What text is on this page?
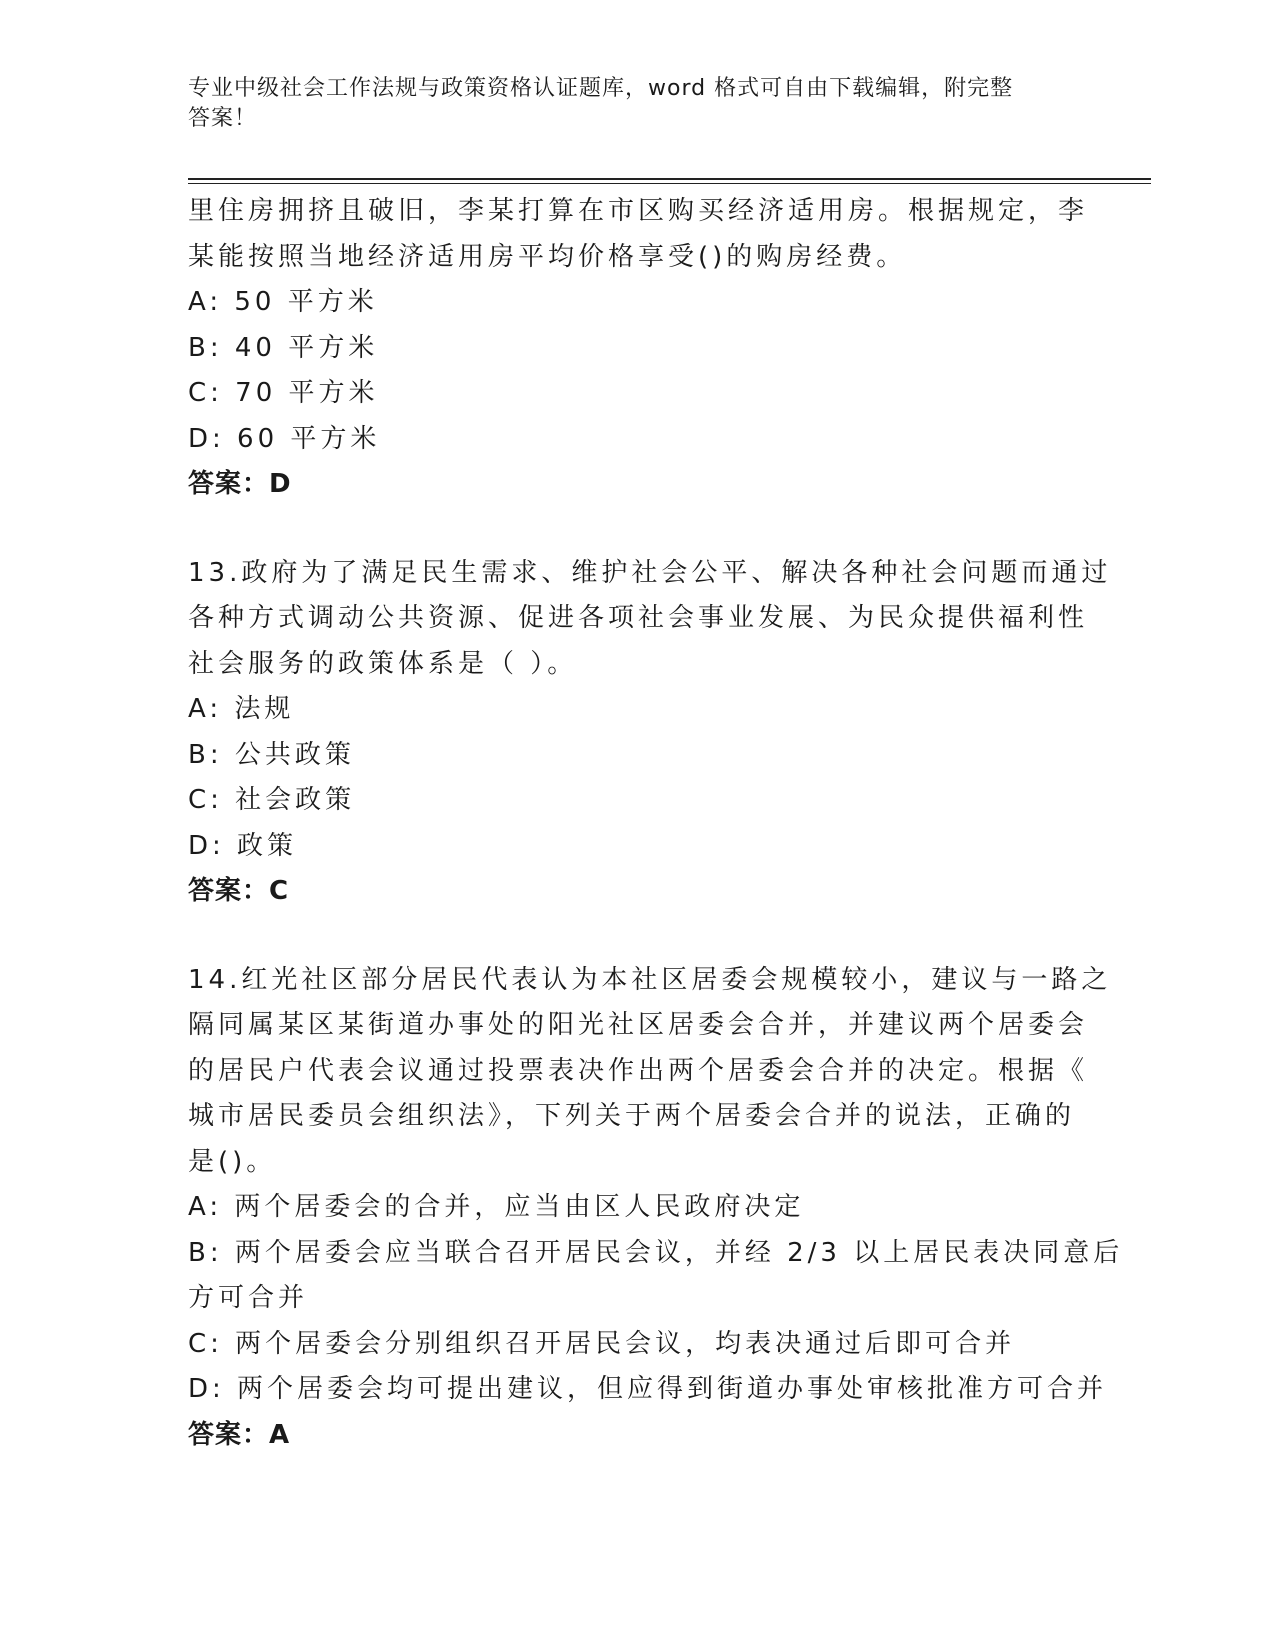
专业中级社会工作法规与政策资格认证题库，word 格式可自由下载编辑，附完整
答案！
里住房拥挤且破旧，李某打算在市区购买经济适用房。根据规定，李
某能按照当地经济适用房平均价格享受()的购房经费。
A: 50 平方米
B: 40 平方米
C: 70 平方米
D: 60 平方米
答案：D
13.政府为了满足民生需求、维护社会公平、解决各种社会问题而通过
各种方式调动公共资源、促进各项社会事业发展、为民众提供福利性
社会服务的政策体系是（ ）。
A: 法规
B: 公共政策
C: 社会政策
D: 政策
答案：C
14.红光社区部分居民代表认为本社区居委会规模较小，建议与一路之
隔同属某区某街道办事处的阳光社区居委会合并，并建议两个居委会
的居民户代表会议通过投票表决作出两个居委会合并的决定。根据《
城市居民委员会组织法》，下列关于两个居委会合并的说法，正确的
是()。
A: 两个居委会的合并，应当由区人民政府决定
B: 两个居委会应当联合召开居民会议，并经 2/3 以上居民表决同意后
方可合并
C: 两个居委会分别组织召开居民会议，均表决通过后即可合并
D: 两个居委会均可提出建议，但应得到街道办事处审核批准方可合并
答案：A
